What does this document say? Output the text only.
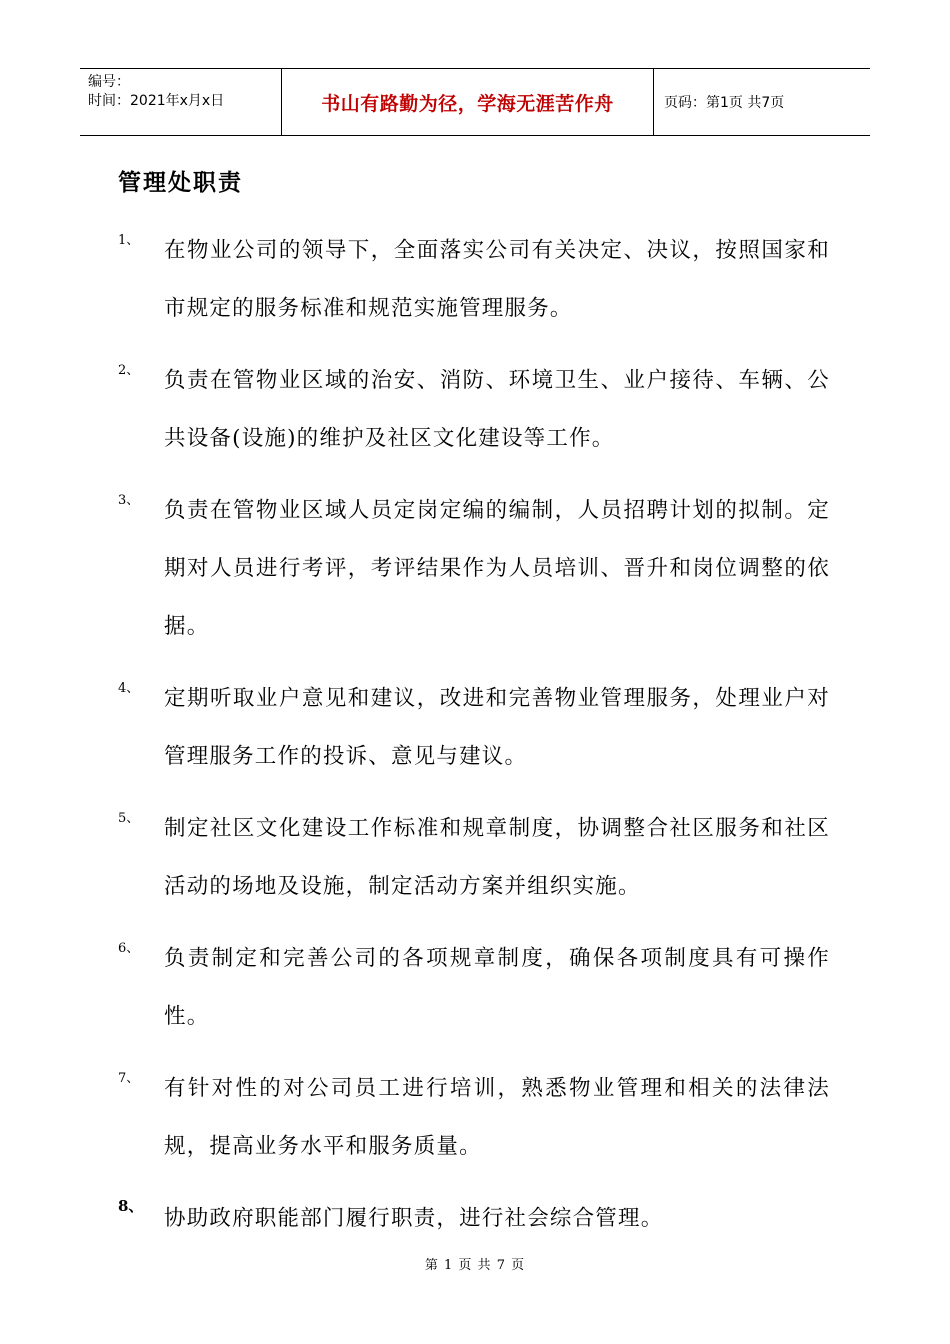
编号：
时间：2021年x月x日	书山有路勤为径，学海无涯苦作舟	页码：第1页 共7页
管理处职责
1、 在物业公司的领导下，全面落实公司有关决定、决议，按照国家和市规定的服务标准和规范实施管理服务。
2、 负责在管物业区域的治安、消防、环境卫生、业户接待、车辆、公共设备(设施)的维护及社区文化建设等工作。
3、 负责在管物业区域人员定岗定编的编制，人员招聘计划的拟制。定期对人员进行考评，考评结果作为人员培训、晋升和岗位调整的依据。
4、 定期听取业户意见和建议，改进和完善物业管理服务，处理业户对管理服务工作的投诉、意见与建议。
5、 制定社区文化建设工作标准和规章制度，协调整合社区服务和社区活动的场地及设施，制定活动方案并组织实施。
6、 负责制定和完善公司的各项规章制度，确保各项制度具有可操作性。
7、 有针对性的对公司员工进行培训，熟悉物业管理和相关的法律法规，提高业务水平和服务质量。
8、 协助政府职能部门履行职责，进行社会综合管理。
第 1 页 共 7 页
